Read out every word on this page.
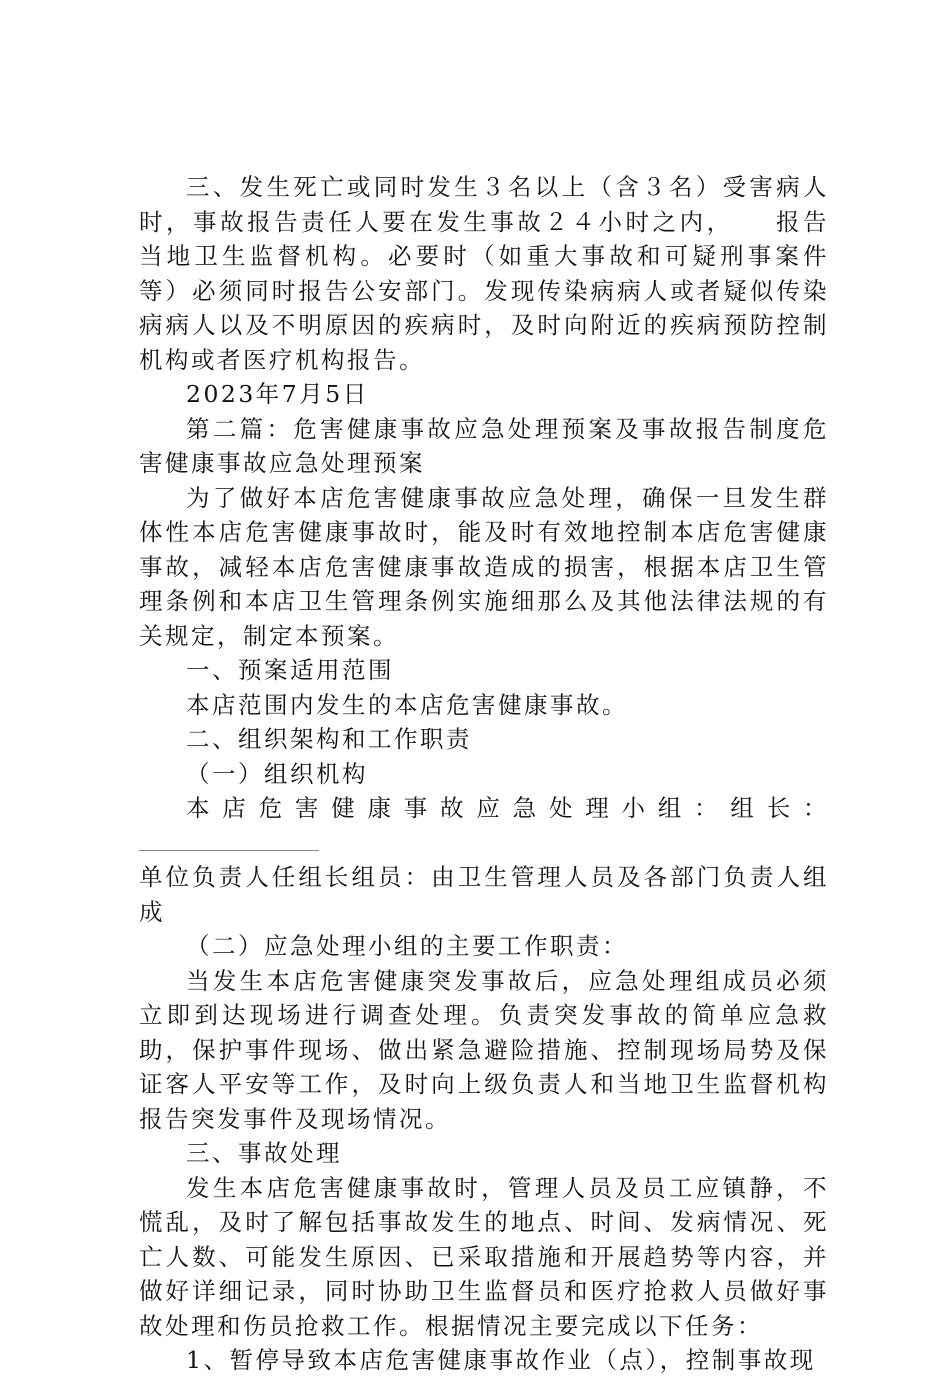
三、发生死亡或同时发生３名以上（含３名）受害病人时，事故报告责任人要在发生事故２４小时之内，　　报告当地卫生监督机构。必要时（如重大事故和可疑刑事案件等）必须同时报告公安部门。发现传染病病人或者疑似传染病病人以及不明原因的疾病时，及时向附近的疾病预防控制机构或者医疗机构报告。

2023年7月5日

第二篇：危害健康事故应急处理预案及事故报告制度危害健康事故应急处理预案

为了做好本店危害健康事故应急处理，确保一旦发生群体性本店危害健康事故时，能及时有效地控制本店危害健康事故，减轻本店危害健康事故造成的损害，根据本店卫生管理条例和本店卫生管理条例实施细那么及其他法律法规的有关规定，制定本预案。

一、预案适用范围

本店范围内发生的本店危害健康事故。

二、组织架构和工作职责

（一）组织机构

本店危害健康事故应急处理小组：组长：

单位负责人任组长组员：由卫生管理人员及各部门负责人组成

（二）应急处理小组的主要工作职责：

当发生本店危害健康突发事故后，应急处理组成员必须立即到达现场进行调查处理。负责突发事故的简单应急救助，保护事件现场、做出紧急避险措施、控制现场局势及保证客人平安等工作，及时向上级负责人和当地卫生监督机构报告突发事件及现场情况。

三、事故处理

发生本店危害健康事故时，管理人员及员工应镇静，不慌乱，及时了解包括事故发生的地点、时间、发病情况、死亡人数、可能发生原因、已采取措施和开展趋势等内容，并做好详细记录，同时协助卫生监督员和医疗抢救人员做好事故处理和伤员抢救工作。根据情况主要完成以下任务：

1、暂停导致本店危害健康事故作业（点），控制事故现
